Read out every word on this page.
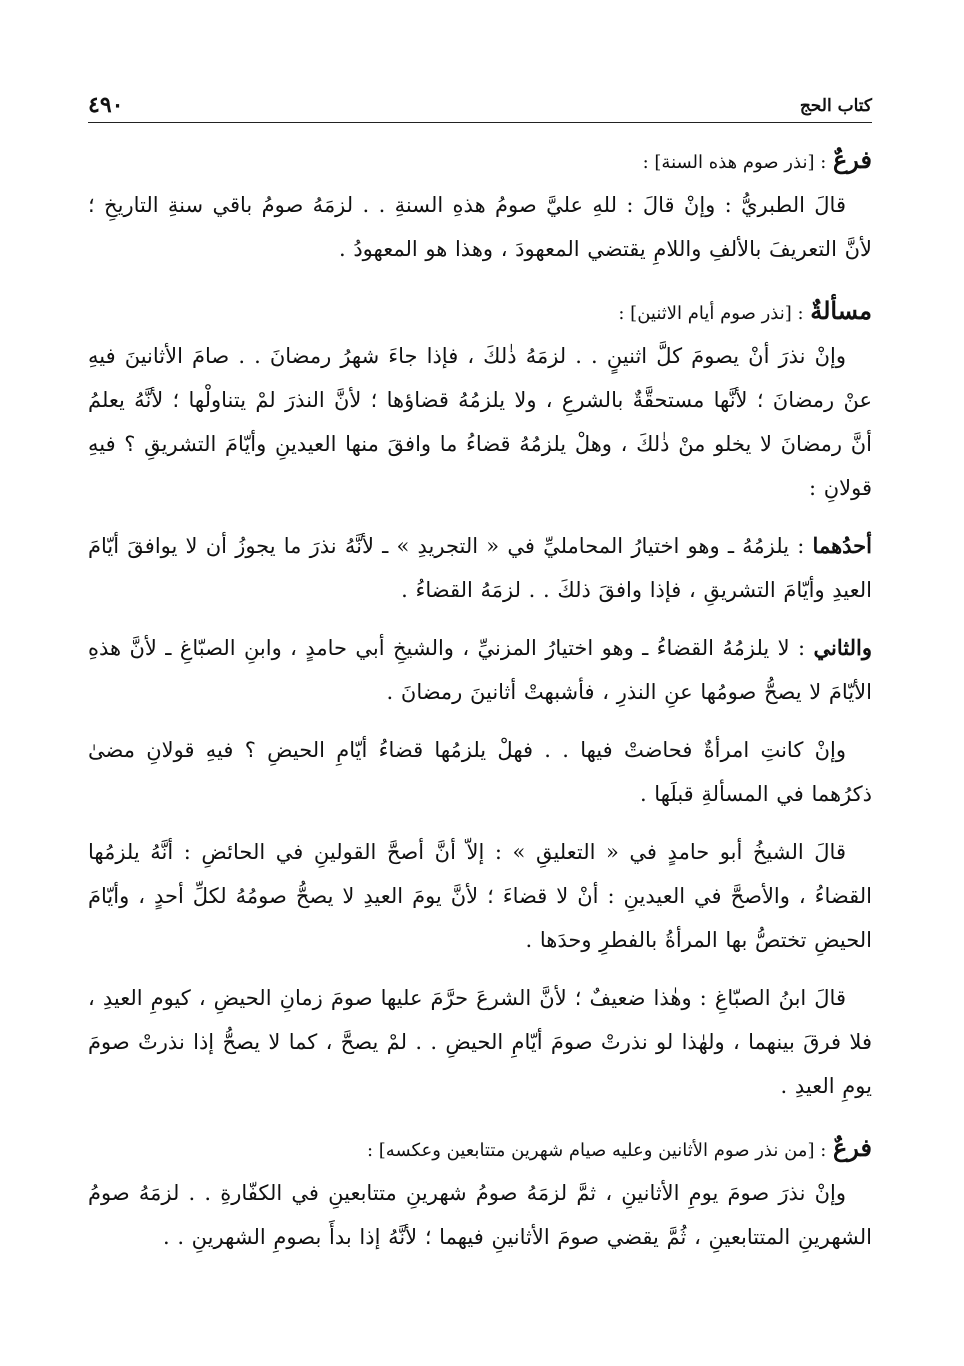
كتاب الحج
٤٩٠

فرعٌ : [نذر صوم هذه السنة] :

قالَ الطبريُّ : وإنْ قالَ : للهِ عليَّ صومُ هذهِ السنةِ . . لزمَهُ صومُ باقي سنةِ التاريخِ ؛ لأنَّ التعريفَ بالألفِ واللامِ يقتضي المعهودَ ، وهذا هو المعهودُ .

مسألةٌ : [نذر صوم أيام الاثنين] :

وإنْ نذرَ أنْ يصومَ كلَّ اثنينٍ . . لزمَهُ ذٰلكَ ، فإذا جاءَ شهرُ رمضانَ . . صامَ الأثانينَ فيهِ عنْ رمضانَ ؛ لأنَّها مستحقَّةٌ بالشرعِ ، ولا يلزمُهُ قضاؤها ؛ لأنَّ النذرَ لمْ يتناولْها ؛ لأنَّهُ يعلمُ أنَّ رمضانَ لا يخلو منْ ذٰلكَ ، وهلْ يلزمُهُ قضاءُ ما وافقَ منها العيدينِ وأيّامَ التشريقِ ؟ فيهِ قولانِ :

أحدُهما : يلزمُهُ ـ وهو اختيارُ المحامليِّ في « التجريدِ » ـ لأنَّهُ نذرَ ما يجوزُ أن لا يوافقَ أيّامَ العيدِ وأيّامَ التشريقِ ، فإذا وافقَ ذلكَ . . لزمَهُ القضاءُ .

والثاني : لا يلزمُهُ القضاءُ ـ وهو اختيارُ المزنيِّ ، والشيخِ أبي حامدٍ ، وابنِ الصبّاغِ ـ لأنَّ هذهِ الأيّامَ لا يصحُّ صومُها عنِ النذرِ ، فأشبهتْ أثانينَ رمضانَ .

وإنْ كانتِ امرأةٌ فحاضتْ فيها . . فهلْ يلزمُها قضاءُ أيّامِ الحيضِ ؟ فيهِ قولانِ مضىٰ ذكرُهما في المسألةِ قبلَها .

قالَ الشيخُ أبو حامدٍ في « التعليقِ » : إلاّ أنَّ أصحَّ القولينِ في الحائضِ : أنَّهُ يلزمُها القضاءُ ، والأصحَّ في العيدينِ : أنْ لا قضاءَ ؛ لأنَّ يومَ العيدِ لا يصحُّ صومُهُ لكلِّ أحدٍ ، وأيّامَ الحيضِ تختصُّ بها المرأةُ بالفطرِ وحدَها .

قالَ ابنُ الصبّاغِ : وهٰذا ضعيفٌ ؛ لأنَّ الشرعَ حرَّمَ عليها صومَ زمانِ الحيضِ ، كيومِ العيدِ ، فلا فرقَ بينهما ، ولهٰذا لو نذرتْ صومَ أيّامِ الحيضِ . . لمْ يصحَّ ، كما لا يصحُّ إذا نذرتْ صومَ يومِ العيدِ .

فرعٌ : [من نذر صوم الأثانين وعليه صيام شهرين متتابعين وعكسه] :

وإنْ نذرَ صومَ يومِ الأثانينِ ، ثمَّ لزمَهُ صومُ شهرينِ متتابعينِ في الكفّارةِ . . لزمَهُ صومُ الشهرينِ المتتابعينِ ، ثُمَّ يقضي صومَ الأثانينِ فيهما ؛ لأنَّهُ إذا بدأَ بصومِ الشهرينِ . .
